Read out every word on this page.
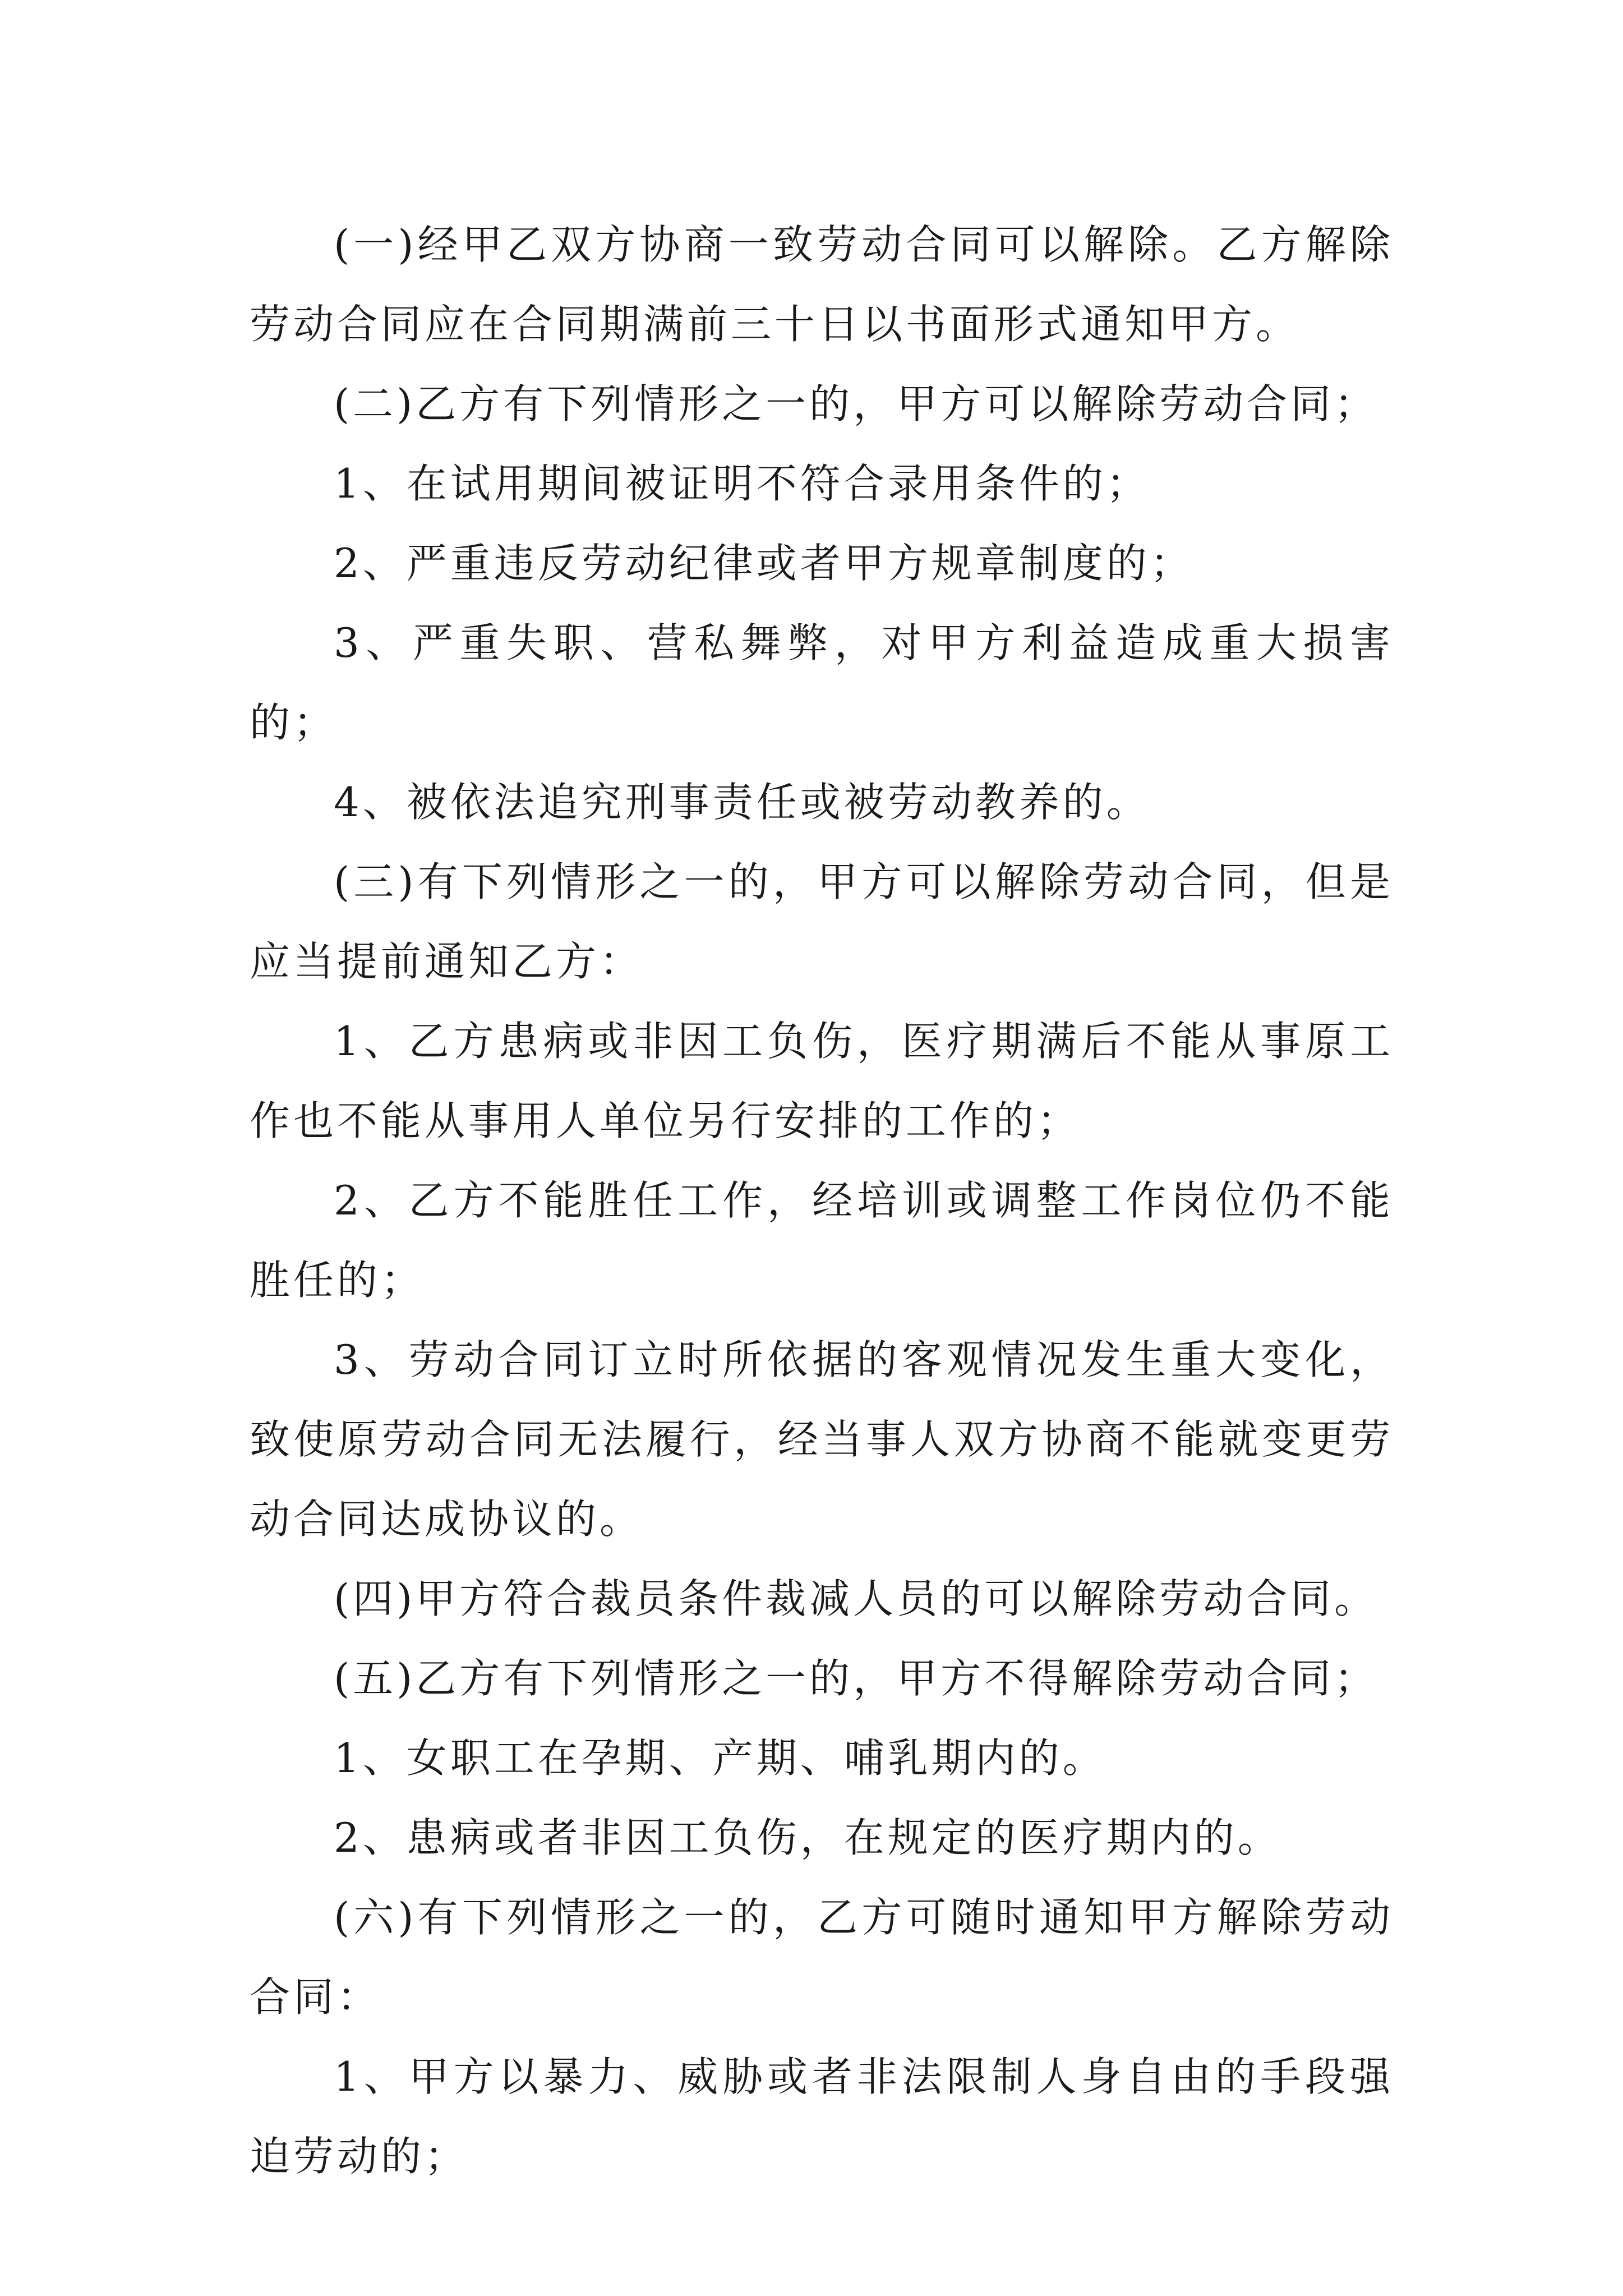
(一)经甲乙双方协商一致劳动合同可以解除。乙方解除劳动合同应在合同期满前三十日以书面形式通知甲方。

(二)乙方有下列情形之一的，甲方可以解除劳动合同；

1、在试用期间被证明不符合录用条件的；

2、严重违反劳动纪律或者甲方规章制度的；

3、严重失职、营私舞弊，对甲方利益造成重大损害的；

4、被依法追究刑事责任或被劳动教养的。

(三)有下列情形之一的，甲方可以解除劳动合同，但是应当提前通知乙方：

1、乙方患病或非因工负伤，医疗期满后不能从事原工作也不能从事用人单位另行安排的工作的；

2、乙方不能胜任工作，经培训或调整工作岗位仍不能胜任的；

3、劳动合同订立时所依据的客观情况发生重大变化，致使原劳动合同无法履行，经当事人双方协商不能就变更劳动合同达成协议的。

(四)甲方符合裁员条件裁减人员的可以解除劳动合同。

(五)乙方有下列情形之一的，甲方不得解除劳动合同；

1、女职工在孕期、产期、哺乳期内的。

2、患病或者非因工负伤，在规定的医疗期内的。

(六)有下列情形之一的，乙方可随时通知甲方解除劳动合同：

1、甲方以暴力、威胁或者非法限制人身自由的手段强迫劳动的；
